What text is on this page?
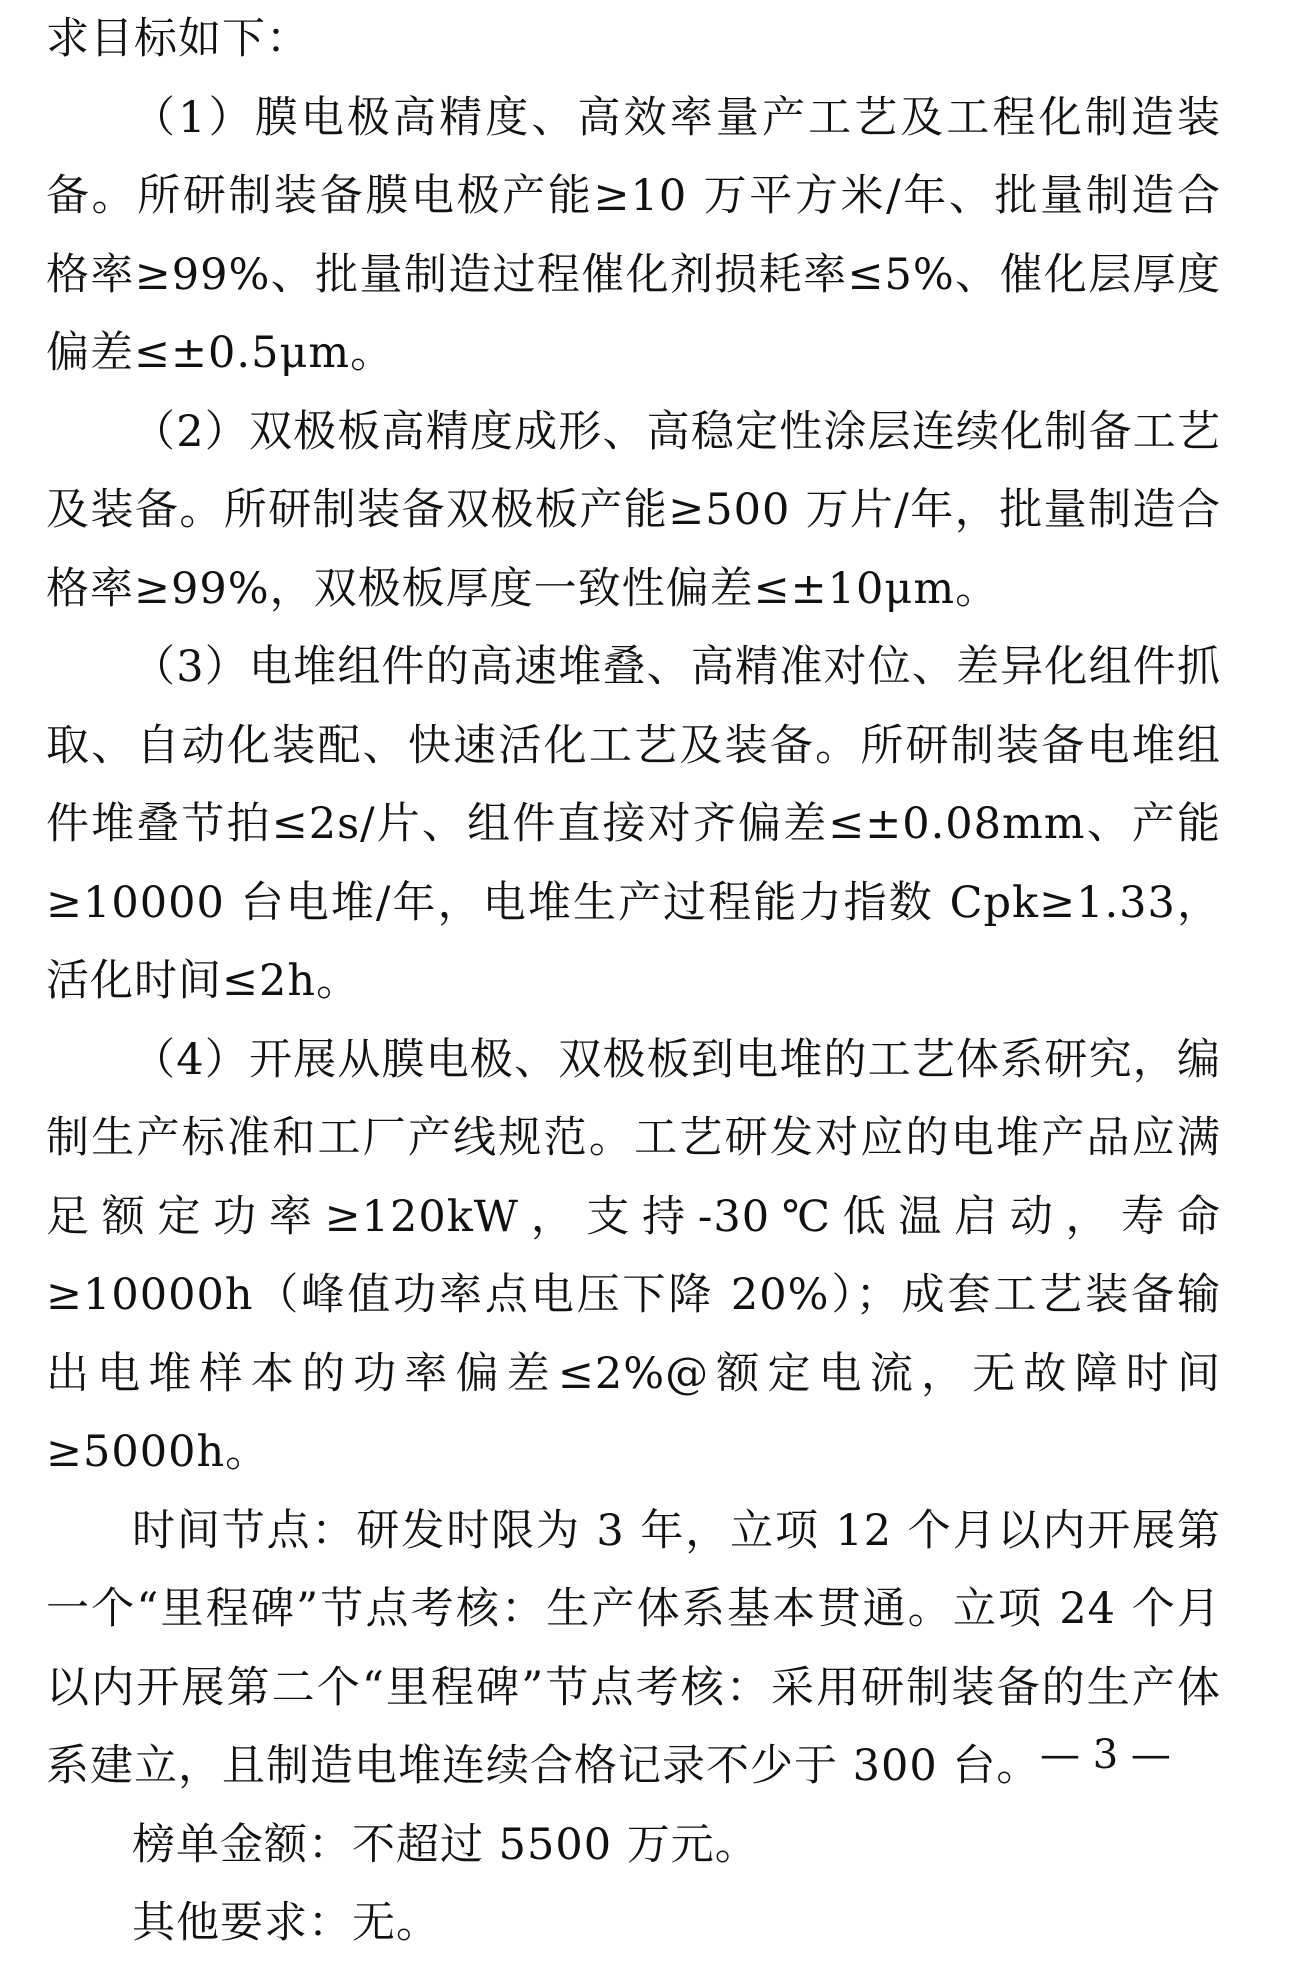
求目标如下：

（1）膜电极高精度、高效率量产工艺及工程化制造装备。所研制装备膜电极产能≥10 万平方米/年、批量制造合格率≥99%、批量制造过程催化剂损耗率≤5%、催化层厚度偏差≤±0.5μm。

（2）双极板高精度成形、高稳定性涂层连续化制备工艺及装备。所研制装备双极板产能≥500 万片/年，批量制造合格率≥99%，双极板厚度一致性偏差≤±10μm。

（3）电堆组件的高速堆叠、高精准对位、差异化组件抓取、自动化装配、快速活化工艺及装备。所研制装备电堆组件堆叠节拍≤2s/片、组件直接对齐偏差≤±0.08mm、产能≥10000 台电堆/年，电堆生产过程能力指数 Cpk≥1.33，活化时间≤2h。

（4）开展从膜电极、双极板到电堆的工艺体系研究，编制生产标准和工厂产线规范。工艺研发对应的电堆产品应满足额定功率≥120kW，支持-30℃低温启动，寿命≥10000h（峰值功率点电压下降 20%）；成套工艺装备输出电堆样本的功率偏差≤2%@额定电流，无故障时间≥5000h。

时间节点：研发时限为 3 年，立项 12 个月以内开展第一个“里程碑”节点考核：生产体系基本贯通。立项 24 个月以内开展第二个“里程碑”节点考核：采用研制装备的生产体系建立，且制造电堆连续合格记录不少于 300 台。

榜单金额：不超过 5500 万元。

其他要求：无。

— 3 —
